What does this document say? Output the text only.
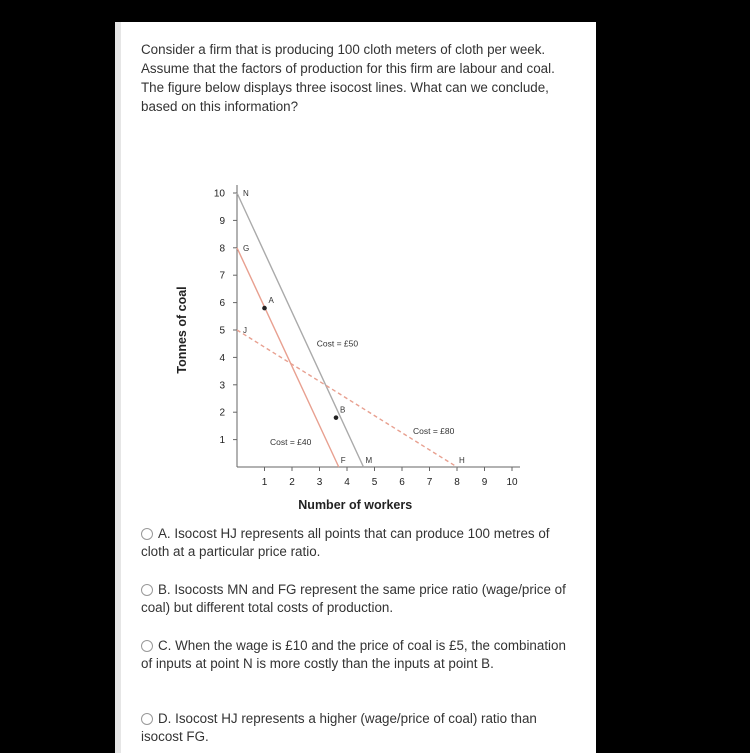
Consider a firm that is producing 100 cloth meters of cloth per week. Assume that the factors of production for this firm are labour and coal. The figure below displays three isocost lines. What can we conclude, based on this information?

1
2
3
4
5
6
7
8
9
10
1 2 3 4 5 6 7 8 9 10
Number of workers
Tonnes of coal
N
G
A
J
B
F M	H
Cost = £50
Cost = £80
Cost = £40
A. Isocost HJ represents all points that can produce 100 metres of cloth at a particular price ratio.
B. Isocosts MN and FG represent the same price ratio (wage/price of coal) but different total costs of production.
C. When the wage is £10 and the price of coal is £5, the combination of inputs at point N is more costly than the inputs at point B.
D. Isocost HJ represents a higher (wage/price of coal) ratio than isocost FG.
